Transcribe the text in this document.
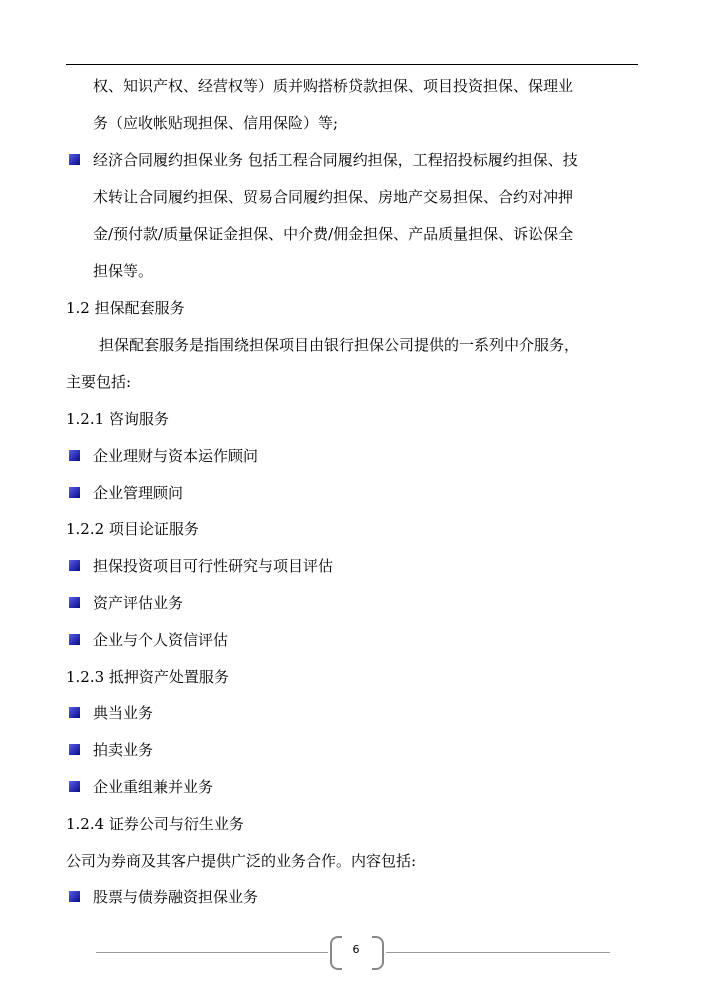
权、知识产权、经营权等）质并购搭桥贷款担保、项目投资担保、保理业
务（应收帐贴现担保、信用保险）等;
经济合同履约担保业务 包括工程合同履约担保，工程招投标履约担保、技
术转让合同履约担保、贸易合同履约担保、房地产交易担保、合约对冲押
金/预付款/质量保证金担保、中介费/佣金担保、产品质量担保、诉讼保全
担保等。
1.2 担保配套服务
担保配套服务是指围绕担保项目由银行担保公司提供的一系列中介服务，
主要包括:
1.2.1 咨询服务
企业理财与资本运作顾问
企业管理顾问
1.2.2 项目论证服务
担保投资项目可行性研究与项目评估
资产评估业务
企业与个人资信评估
1.2.3 抵押资产处置服务
典当业务
拍卖业务
企业重组兼并业务
1.2.4 证券公司与衍生业务
公司为券商及其客户提供广泛的业务合作。内容包括:
股票与债券融资担保业务
6
